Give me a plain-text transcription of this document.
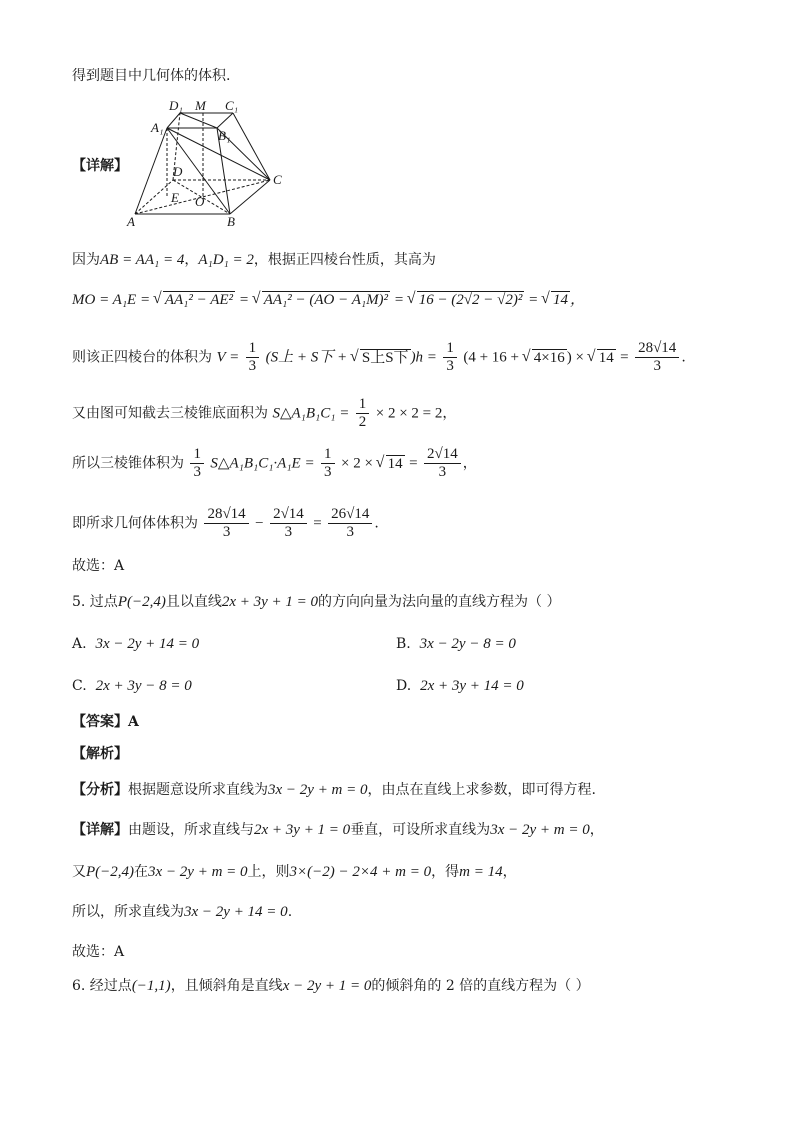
得到题目中几何体的体积.
【详解】
D₁ M C₁
A₁
B₁
D
C
E O
A	B
因为AB = AA₁ = 4，A₁D₁ = 2，根据正四棱台性质，其高为
MO = A₁E = √ AA₁² − AE² = √ AA₁² − (AO − A₁M)² = √ 16 − (2√2 − √2)² = √ 14 ，
则该正四棱台的体积为 $V = \frac{1}{3} (S$上 + S下 + √ S上S下 )$h = \frac{1}{3} (4 + 16$ + √ 4×16 ) × √ $14 = \frac{28√14}{3}$ .
又由图可知截去三棱锥底面积为 S△A₁B₁C₁ = $\frac{1}{2} \times 2 \times 2 = 2$，
所以三棱锥体积为 $\frac{1}{3}$ S△A₁B₁C₁·A₁E = $\frac{1}{3} \times 2$ × √ $14 = \frac{2√14}{3}$ ，
即所求几何体体积为 $\frac{28√14}{3} - \frac{2√14}{3} = \frac{26√14}{3}$ .
故选：A
5. 过点P(−2,4)且以直线2x + 3y + 1 = 0的方向向量为法向量的直线方程为（ ）
A. 3x − 2y + 14 = 0	B. 3x − 2y − 8 = 0
C. 2x + 3y − 8 = 0	D. 2x + 3y + 14 = 0
【答案】A
【解析】
【分析】根据题意设所求直线为3x − 2y + m = 0，由点在直线上求参数，即可得方程.
【详解】由题设，所求直线与2x + 3y + 1 = 0垂直，可设所求直线为3x − 2y + m = 0，
又P(−2,4)在3x − 2y + m = 0上，则3×(−2) − 2×4 + m = 0，得m = 14，
所以，所求直线为3x − 2y + 14 = 0.
故选：A
6. 经过点(−1,1)，且倾斜角是直线x − 2y + 1 = 0的倾斜角的 2 倍的直线方程为（ ）
